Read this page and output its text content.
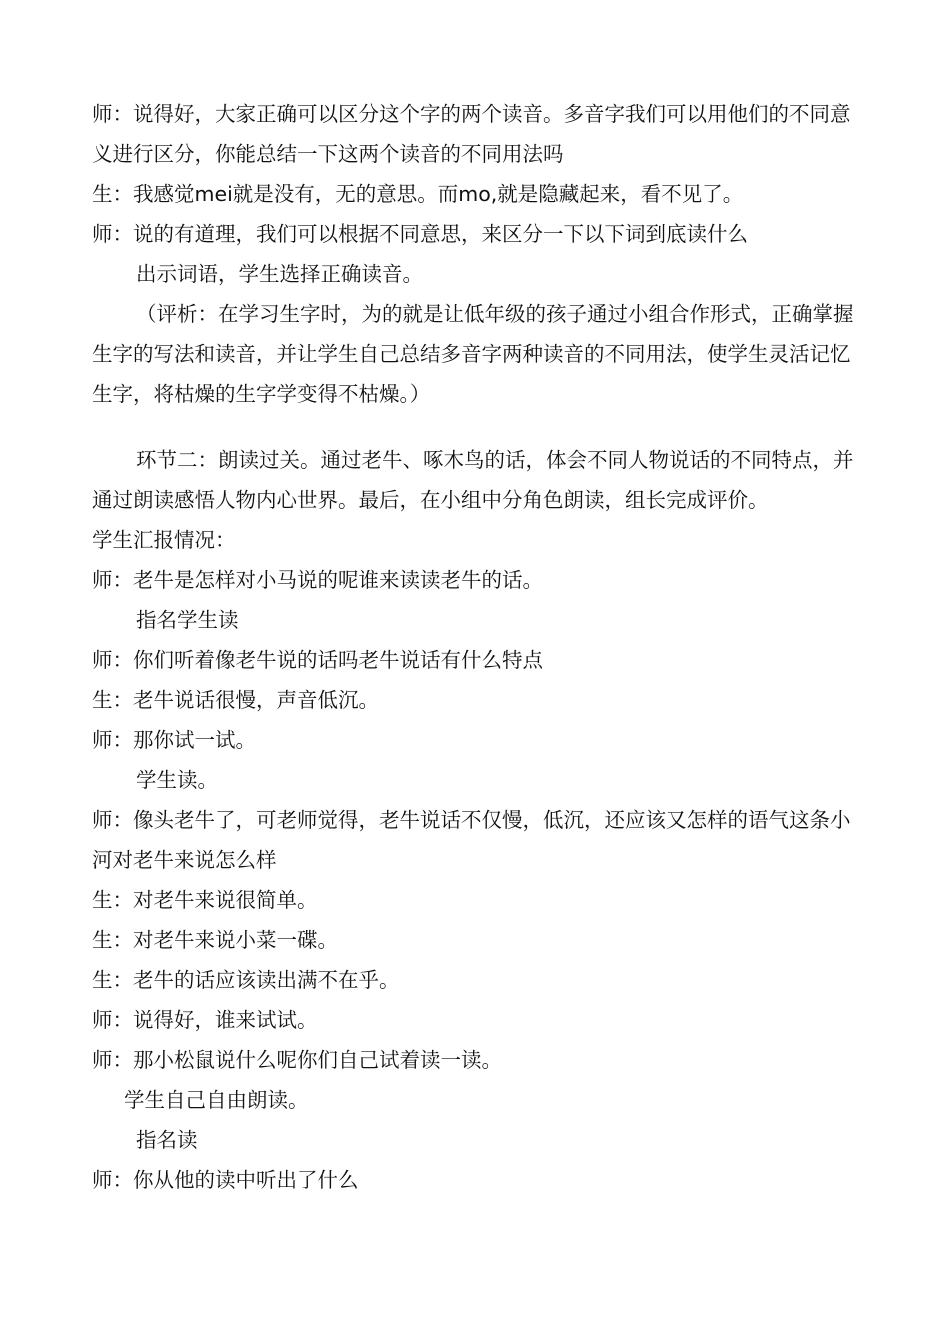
师：说得好，大家正确可以区分这个字的两个读音。多音字我们可以用他们的不同意义进行区分，你能总结一下这两个读音的不同用法吗

生：我感觉mei就是没有，无的意思。而mo,就是隐藏起来，看不见了。

师：说的有道理，我们可以根据不同意思，来区分一下以下词到底读什么

出示词语，学生选择正确读音。

（评析：在学习生字时，为的就是让低年级的孩子通过小组合作形式，正确掌握生字的写法和读音，并让学生自己总结多音字两种读音的不同用法，使学生灵活记忆生字，将枯燥的生字学变得不枯燥。）

环节二：朗读过关。通过老牛、啄木鸟的话，体会不同人物说话的不同特点，并通过朗读感悟人物内心世界。最后，在小组中分角色朗读，组长完成评价。

学生汇报情况：

师：老牛是怎样对小马说的呢谁来读读老牛的话。

指名学生读

师：你们听着像老牛说的话吗老牛说话有什么特点

生：老牛说话很慢，声音低沉。

师：那你试一试。

学生读。

师：像头老牛了，可老师觉得，老牛说话不仅慢，低沉，还应该又怎样的语气这条小河对老牛来说怎么样

生：对老牛来说很简单。

生：对老牛来说小菜一碟。

生：老牛的话应该读出满不在乎。

师：说得好，谁来试试。

师：那小松鼠说什么呢你们自己试着读一读。

学生自己自由朗读。

指名读

师：你从他的读中听出了什么
